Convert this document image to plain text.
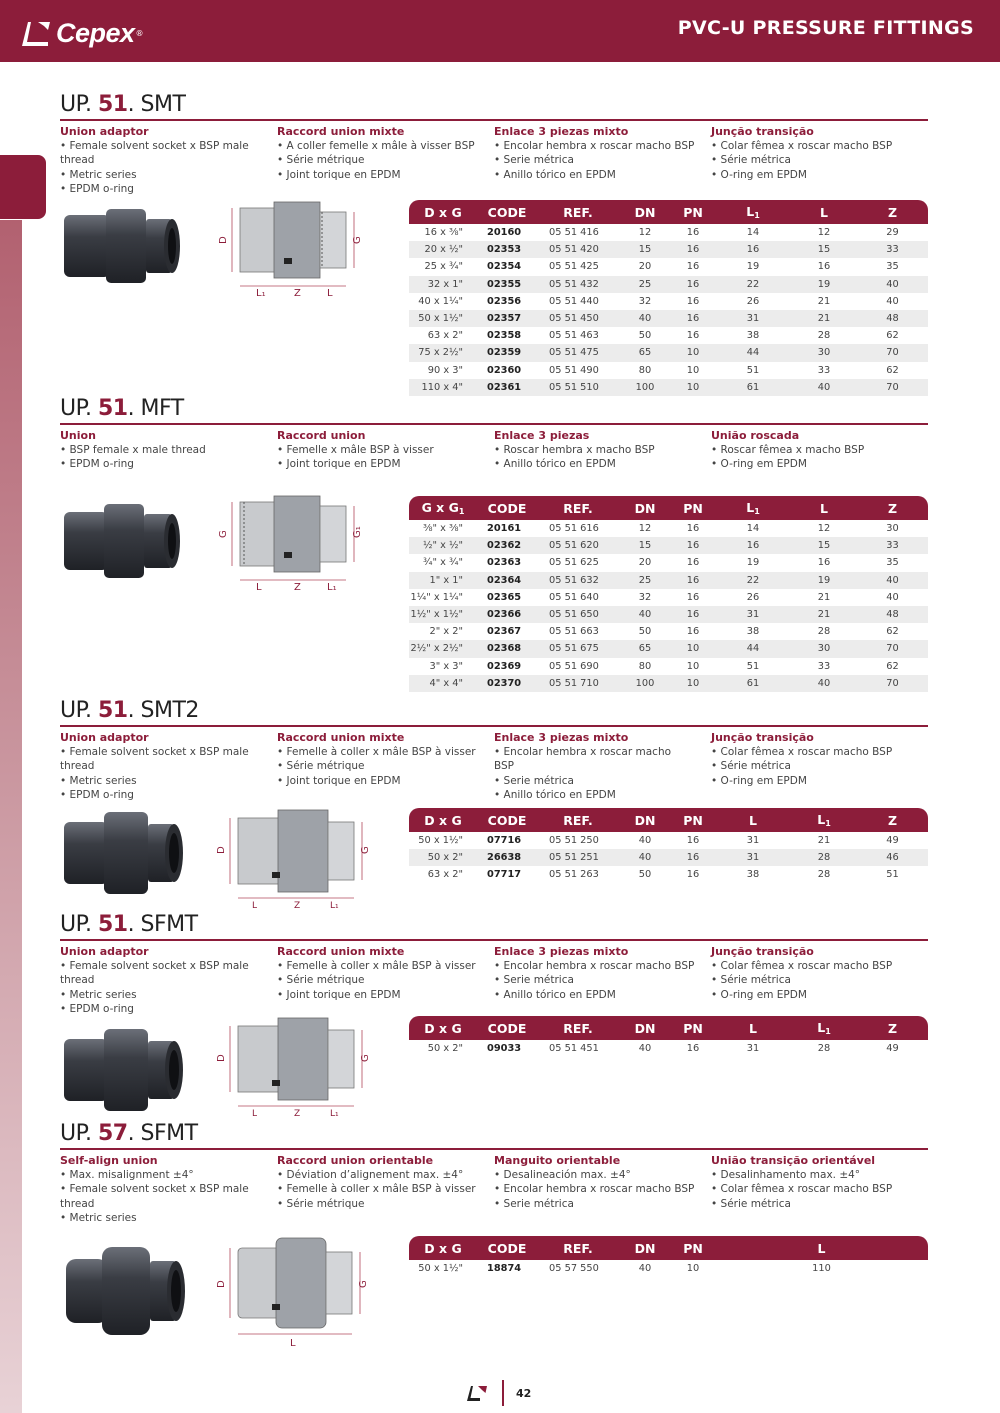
Cepex ®	PVC-U PRESSURE FITTINGS
UP. 51. SMT
Union adaptor
• Female solvent socket x BSP male
thread
• Metric series
• EPDM o-ring
Raccord union mixte
• A coller femelle x mâle à visser BSP
• Série métrique
• Joint torique en EPDM
Enlace 3 piezas mixto
• Encolar hembra x roscar macho BSP
• Serie métrica
• Anillo tórico en EPDM
Junção transição
• Colar fêmea x roscar macho BSP
• Série métrica
• O-ring em EPDM
UP. 51. MFT
Union
• BSP female x male thread
• EPDM o-ring
Raccord union
• Femelle x mâle BSP à visser
• Joint torique en EPDM
Enlace 3 piezas
• Roscar hembra x macho BSP
• Anillo tórico en EPDM
União roscada
• Roscar fêmea x macho BSP
• O-ring em EPDM
UP. 51. SMT2
Union adaptor
• Female solvent socket x BSP male
thread
• Metric series
• EPDM o-ring
Raccord union mixte
• Femelle à coller x mâle BSP à visser
• Série métrique
• Joint torique en EPDM
Enlace 3 piezas mixto
• Encolar hembra x roscar macho
BSP
• Serie métrica
• Anillo tórico en EPDM
Junção transição
• Colar fêmea x roscar macho BSP
• Série métrica
• O-ring em EPDM
UP. 51. SFMT
Union adaptor
• Female solvent socket x BSP male
thread
• Metric series
• EPDM o-ring
Raccord union mixte
• Femelle à coller x mâle BSP à visser
• Série métrique
• Joint torique en EPDM
Enlace 3 piezas mixto
• Encolar hembra x roscar macho BSP
• Serie métrica
• Anillo tórico en EPDM
Junção transição
• Colar fêmea x roscar macho BSP
• Série métrica
• O-ring em EPDM
UP. 57. SFMT
Self-align union
• Max. misalignment ±4°
• Female solvent socket x BSP male
thread
• Metric series
Raccord union orientable
• Déviation d’alignement max. ±4°
• Femelle à coller x mâle BSP à visser
• Série métrique
Manguito orientable
• Desalineación max. ±4°
• Encolar hembra x roscar macho BSP
• Serie métrica
União transição orientável
• Desalinhamento max. ±4°
• Colar fêmea x roscar macho BSP
• Série métrica
D	G
L₁	Z	L
G	G₁
L	Z	L₁
D	G
L	Z	L₁
D	G
L	Z	L₁
D	G
L
D x G	CODE	REF.	DN	PN	$L_1$	L	Z
16 x ⅜"	20160	05 51 416	12	16	14	12	29
20 x ½"	02353	05 51 420	15	16	16	15	33
25 x ¾"	02354	05 51 425	20	16	19	16	35
32 x 1"	02355	05 51 432	25	16	22	19	40
40 x 1¼"	02356	05 51 440	32	16	26	21	40
50 x 1½"	02357	05 51 450	40	16	31	21	48
63 x 2"	02358	05 51 463	50	16	38	28	62
75 x 2½"	02359	05 51 475	65	10	44	30	70
90 x 3"	02360	05 51 490	80	10	51	33	62
110 x 4"	02361	05 51 510	100	10	61	40	70
G x $G_1$	CODE	REF.	DN	PN	$L_1$	L	Z
⅜" x ⅜"	20161	05 51 616	12	16	14	12	30
½" x ½"	02362	05 51 620	15	16	16	15	33
¾" x ¾"	02363	05 51 625	20	16	19	16	35
1" x 1"	02364	05 51 632	25	16	22	19	40
1¼" x 1¼"	02365	05 51 640	32	16	26	21	40
1½" x 1½"	02366	05 51 650	40	16	31	21	48
2" x 2"	02367	05 51 663	50	16	38	28	62
2½" x 2½"	02368	05 51 675	65	10	44	30	70
3" x 3"	02369	05 51 690	80	10	51	33	62
4" x 4"	02370	05 51 710	100	10	61	40	70
D x G	CODE	REF.	DN	PN	L	$L_1$	Z
50 x 1½"	07716	05 51 250	40	16	31	21	49
50 x 2"	26638	05 51 251	40	16	31	28	46
63 x 2"	07717	05 51 263	50	16	38	28	51
D x G	CODE	REF.	DN	PN	L	$L_1$	Z
50 x 2"	09033	05 51 451	40	16	31	28	49
D x G	CODE	REF.	DN	PN	L
50 x 1½"	18874	05 57 550	40	10	110
42
